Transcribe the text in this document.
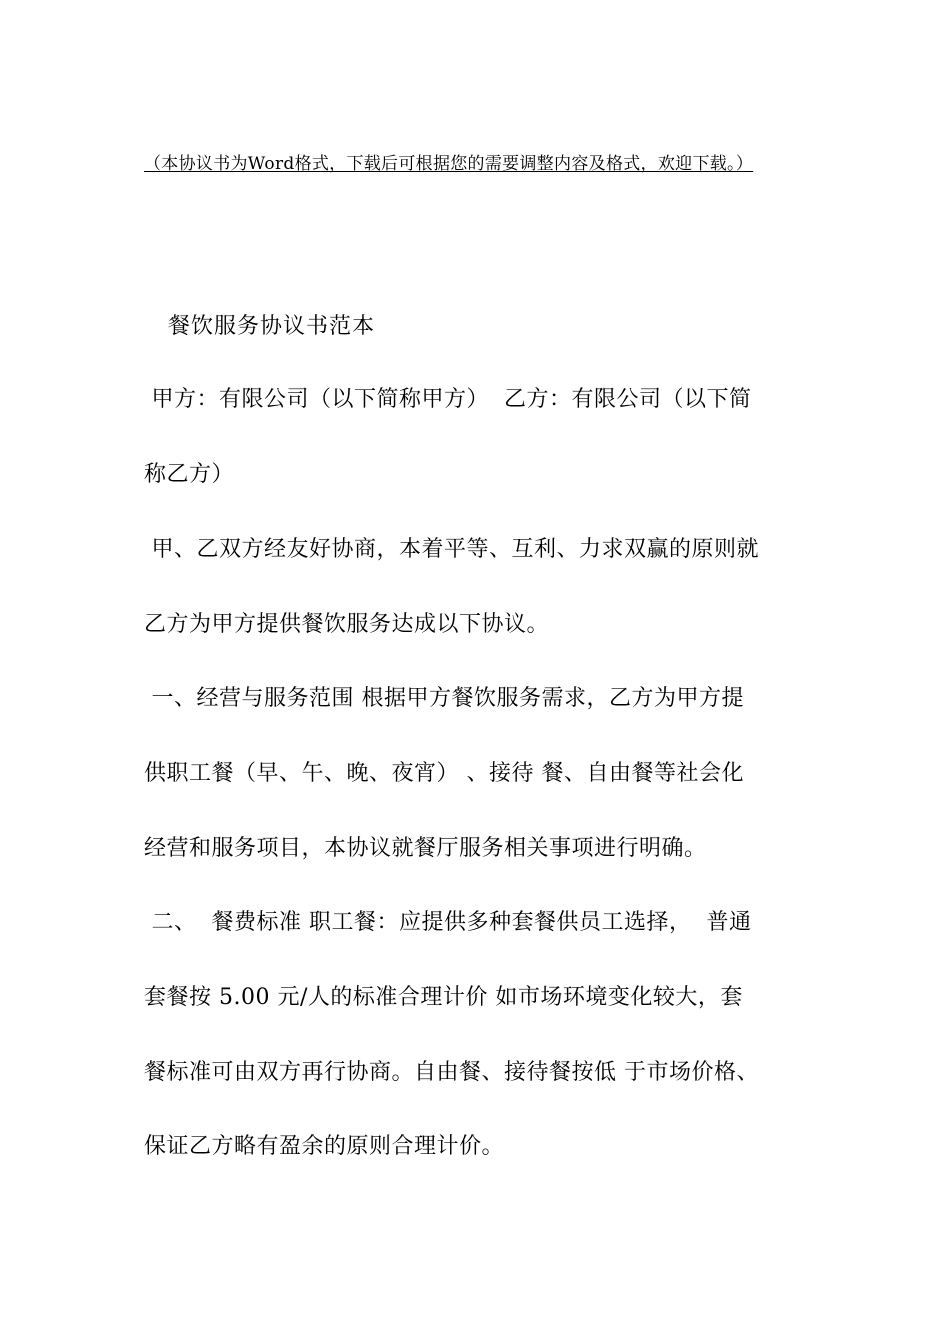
（本协议书为Word格式，下载后可根据您的需要调整内容及格式，欢迎下载。）
餐饮服务协议书范本
甲方：有限公司（以下简称甲方）  乙方：有限公司（以下简
称乙方）
甲、乙双方经友好协商，本着平等、互利、力求双赢的原则就
乙方为甲方提供餐饮服务达成以下协议。
一、经营与服务范围 根据甲方餐饮服务需求，乙方为甲方提
供职工餐（早、午、晚、夜宵） 、接待 餐、自由餐等社会化
经营和服务项目，本协议就餐厅服务相关事项进行明确。
二、  餐费标准 职工餐：应提供多种套餐供员工选择，  普通
套餐按 5.00 元/人的标准合理计价 如市场环境变化较大，套
餐标准可由双方再行协商。自由餐、接待餐按低 于市场价格、
保证乙方略有盈余的原则合理计价。
